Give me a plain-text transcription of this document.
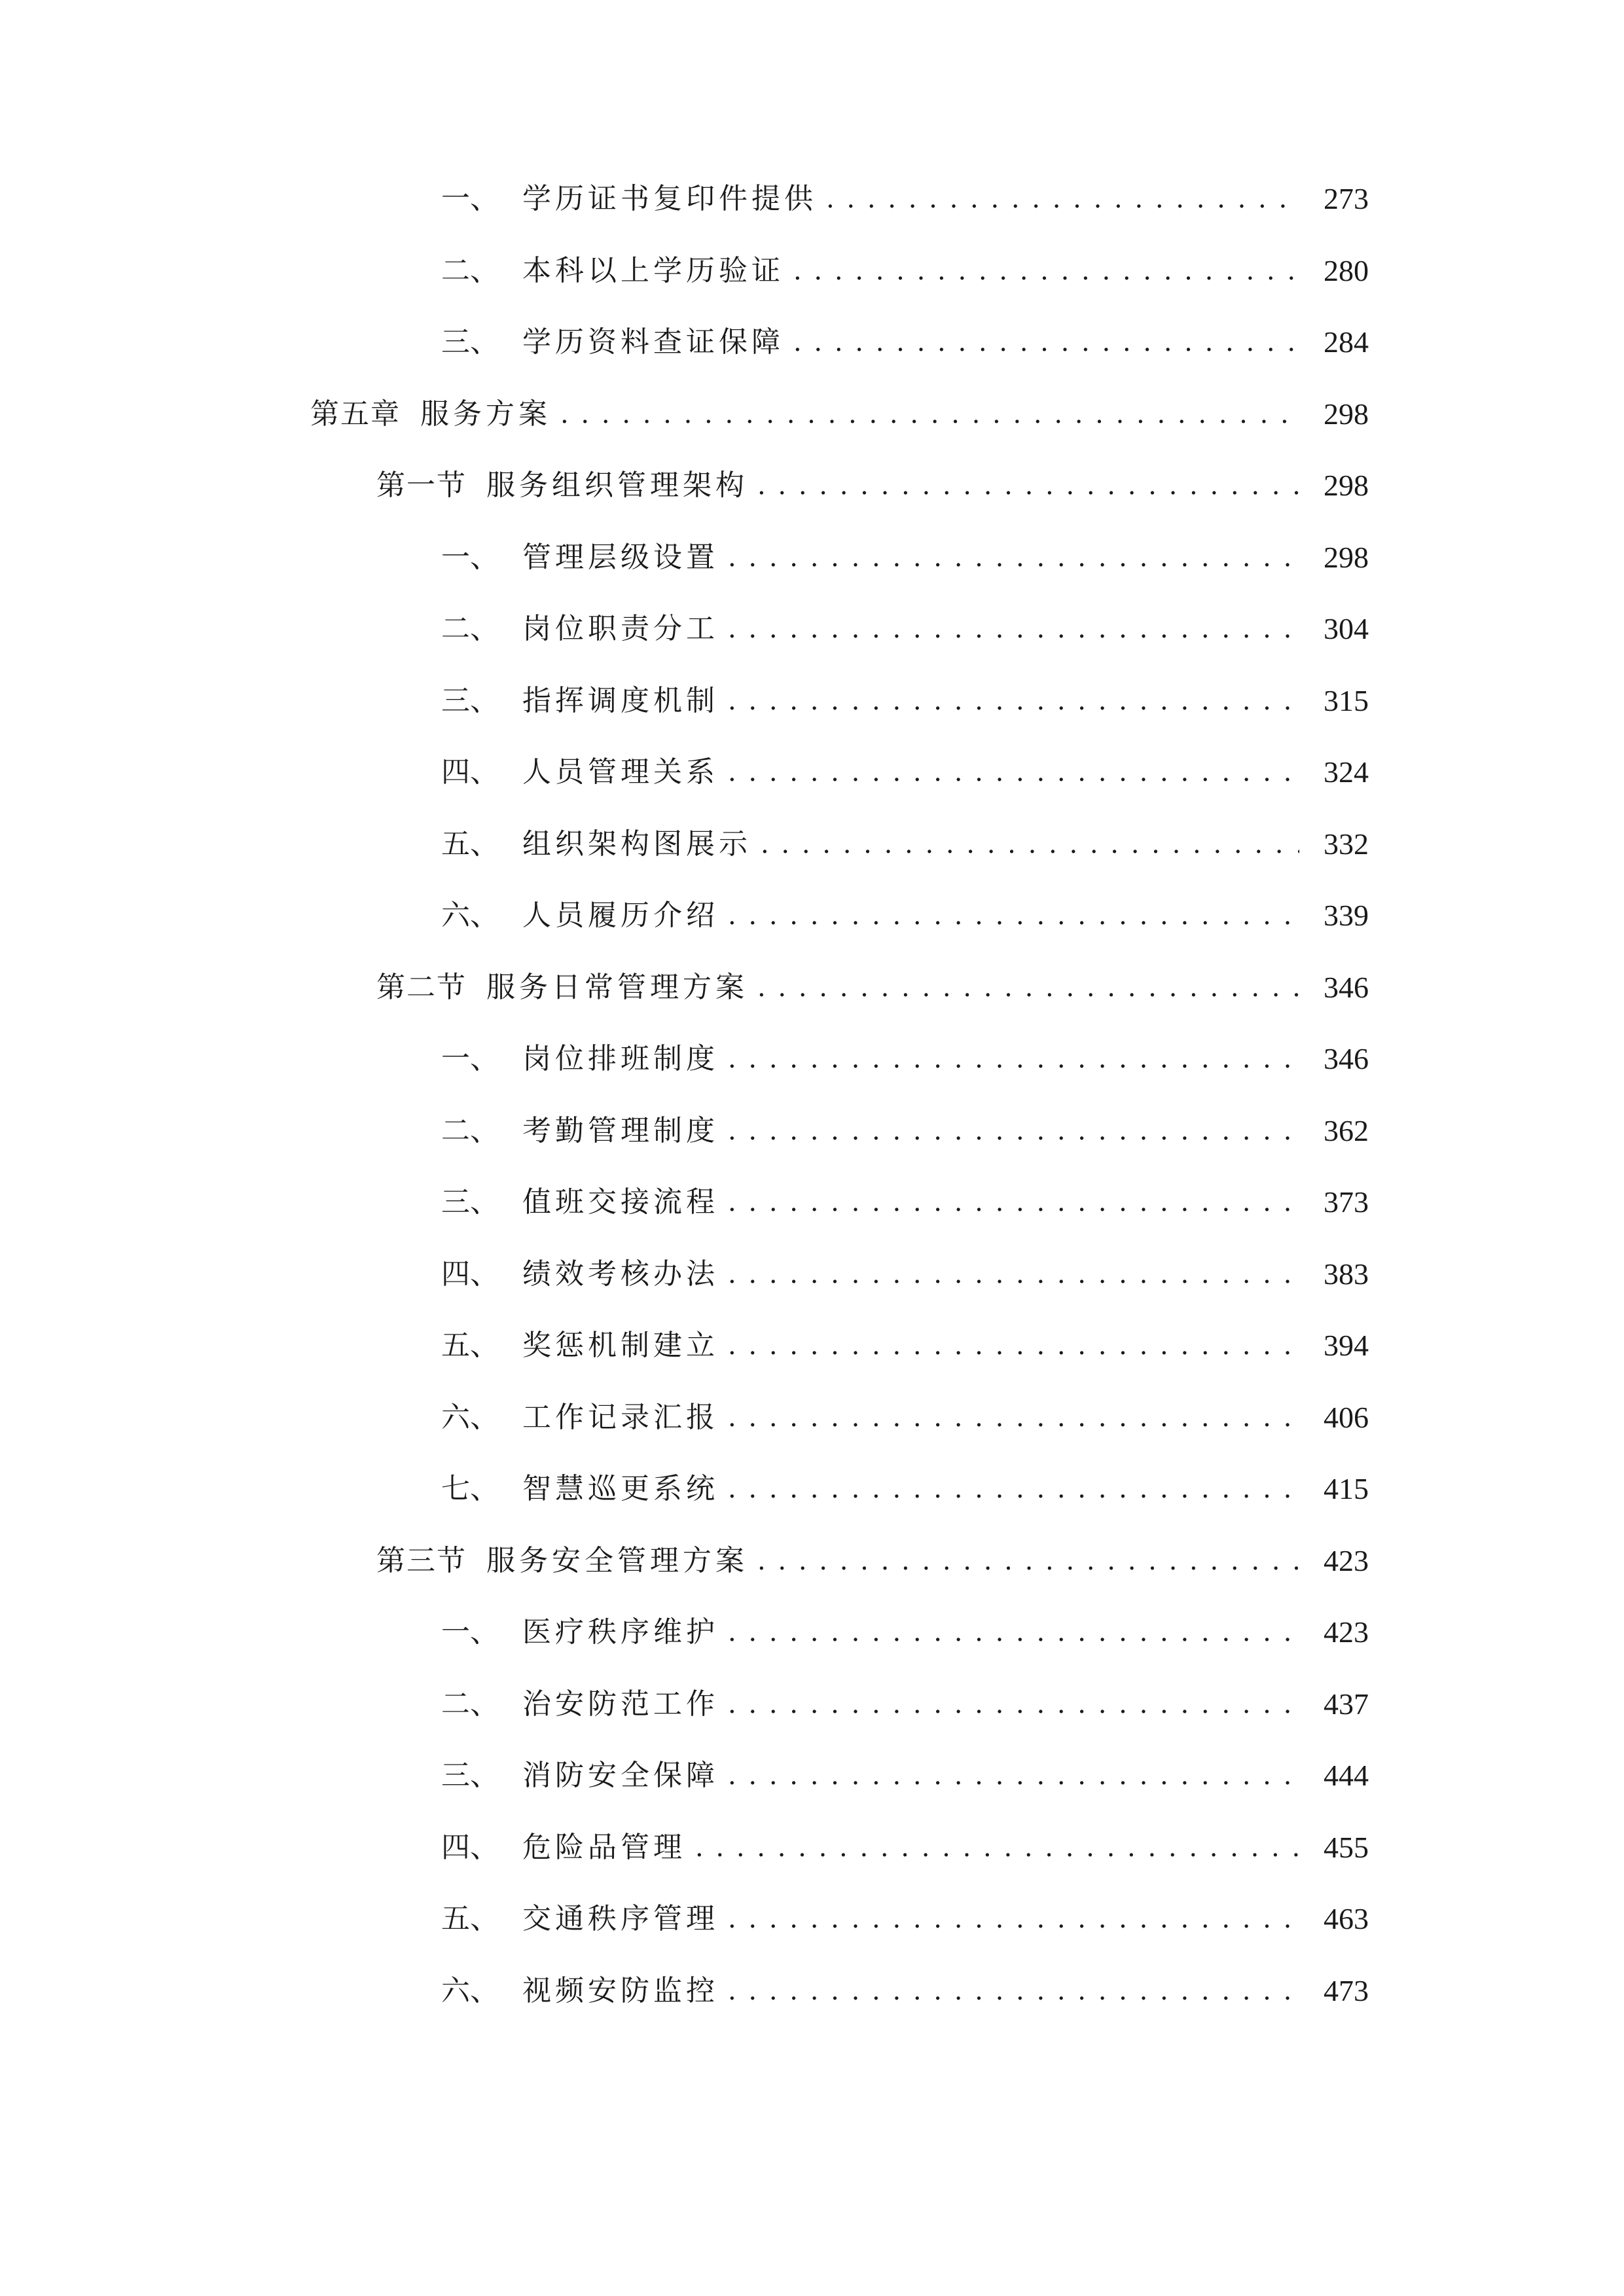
一、 学历证书复印件提供 . . .	273
二、 本科以上学历验证 . . .	280
三、 学历资料查证保障 . . .	284
第五章 服务方案 . . .	298
第一节 服务组织管理架构 . . .	298
一、 管理层级设置 . . .	298
二、 岗位职责分工 . . .	304
三、 指挥调度机制 . . .	315
四、 人员管理关系 . . .	324
五、 组织架构图展示 . . .	332
六、 人员履历介绍 . . .	339
第二节 服务日常管理方案 . . .	346
一、 岗位排班制度 . . .	346
二、 考勤管理制度 . . .	362
三、 值班交接流程 . . .	373
四、 绩效考核办法 . . .	383
五、 奖惩机制建立 . . .	394
六、 工作记录汇报 . . .	406
七、 智慧巡更系统 . . .	415
第三节 服务安全管理方案 . . .	423
一、 医疗秩序维护 . . .	423
二、 治安防范工作 . . .	437
三、 消防安全保障 . . .	444
四、 危险品管理 . . .	455
五、 交通秩序管理 . . .	463
六、 视频安防监控 . . .	473
